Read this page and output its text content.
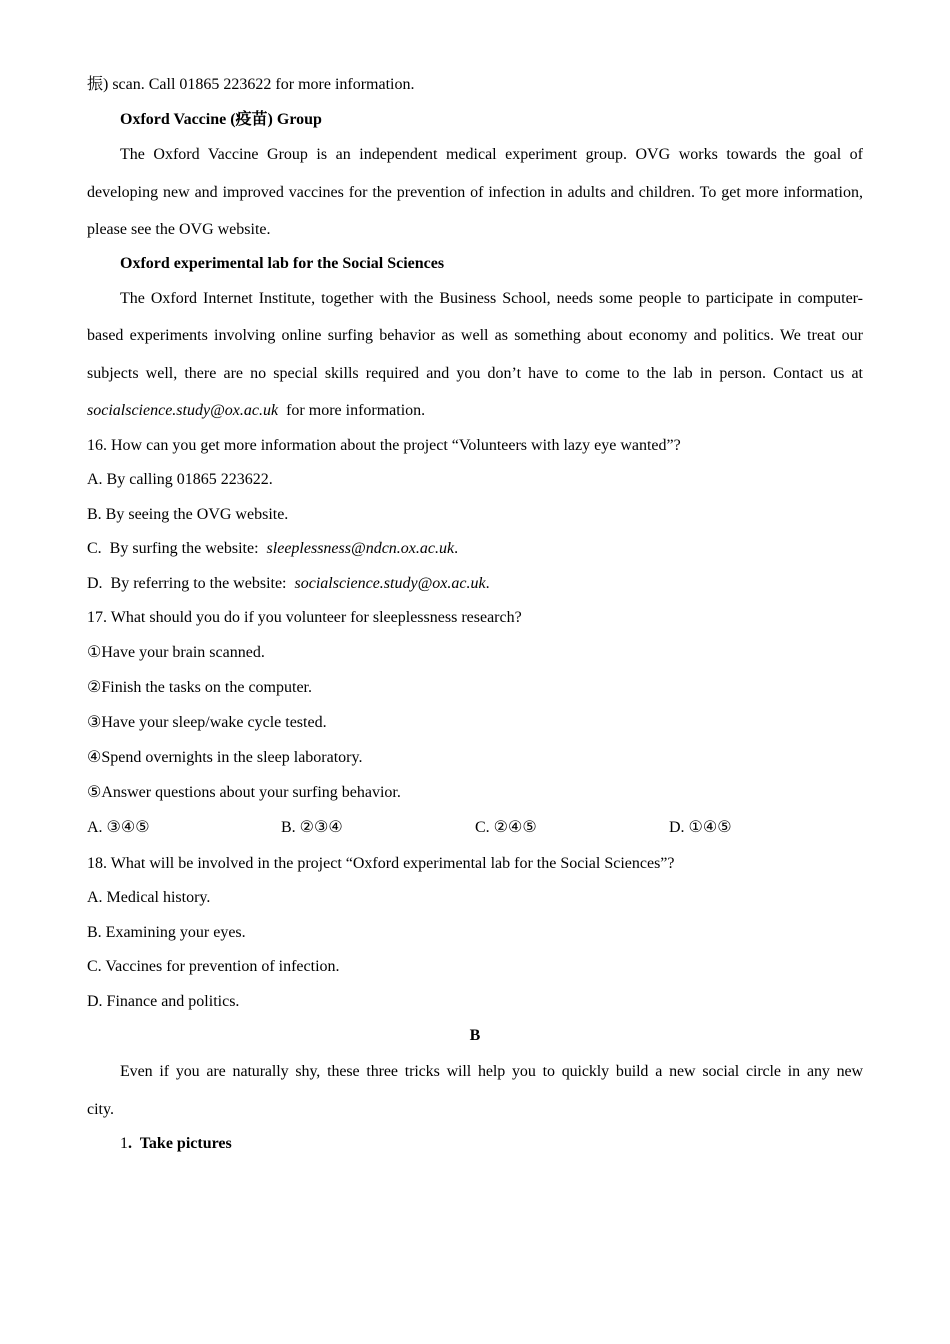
振) scan. Call 01865 223622 for more information.
Oxford Vaccine (疫苗) Group
The Oxford Vaccine Group is an independent medical experiment group. OVG works towards the goal of
developing new and improved vaccines for the prevention of infection in adults and children. To get more information,
please see the OVG website.
Oxford experimental lab for the Social Sciences
The Oxford Internet Institute, together with the Business School, needs some people to participate in computer-
based experiments involving online surfing behavior as well as something about economy and politics. We treat our
subjects well, there are no special skills required and you don’t have to come to the lab in person. Contact us at
socialscience.study@ox.ac.uk  for more information.
16. How can you get more information about the project “Volunteers with lazy eye wanted”?
A. By calling 01865 223622.
B. By seeing the OVG website.
C.  By surfing the website:  sleeplessness@ndcn.ox.ac.uk.
D.  By referring to the website:  socialscience.study@ox.ac.uk.
17. What should you do if you volunteer for sleeplessness research?
①Have your brain scanned.
②Finish the tasks on the computer.
③Have your sleep/wake cycle tested.
④Spend overnights in the sleep laboratory.
⑤Answer questions about your surfing behavior.
A. ③④⑤	B. ②③④	C. ②④⑤	D. ①④⑤
18. What will be involved in the project “Oxford experimental lab for the Social Sciences”?
A. Medical history.
B. Examining your eyes.
C. Vaccines for prevention of infection.
D. Finance and politics.
B
Even if you are naturally shy, these three tricks will help you to quickly build a new social circle in any new
city.
1.  Take pictures
